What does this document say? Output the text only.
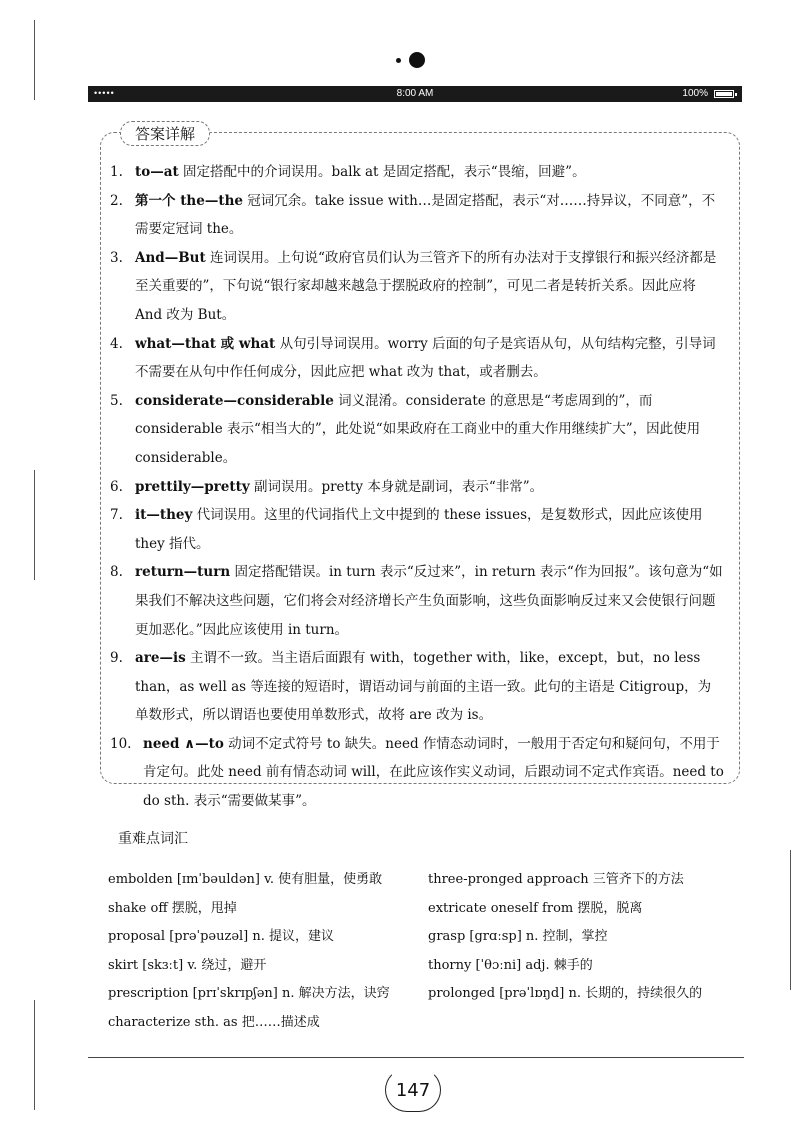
•••••	8:00 AM	100%
答案详解
1. to—at 固定搭配中的介词误用。balk at 是固定搭配，表示“畏缩，回避”。
2. 第一个 the—the 冠词冗余。take issue with…是固定搭配，表示“对……持异议，不同意”，不需要定冠词 the。
3. And—But 连词误用。上句说“政府官员们认为三管齐下的所有办法对于支撑银行和振兴经济都是至关重要的”，下句说“银行家却越来越急于摆脱政府的控制”，可见二者是转折关系。因此应将 And 改为 But。
4. what—that 或 what 从句引导词误用。worry 后面的句子是宾语从句，从句结构完整，引导词不需要在从句中作任何成分，因此应把 what 改为 that，或者删去。
5. considerate—considerable 词义混淆。considerate 的意思是“考虑周到的”，而 considerable 表示“相当大的”，此处说“如果政府在工商业中的重大作用继续扩大”，因此使用 considerable。
6. prettily—pretty 副词误用。pretty 本身就是副词，表示“非常”。
7. it—they 代词误用。这里的代词指代上文中提到的 these issues，是复数形式，因此应该使用 they 指代。
8. return—turn 固定搭配错误。in turn 表示“反过来”，in return 表示“作为回报”。该句意为“如果我们不解决这些问题，它们将会对经济增长产生负面影响，这些负面影响反过来又会使银行问题更加恶化。”因此应该使用 in turn。
9. are—is 主谓不一致。当主语后面跟有 with，together with，like，except，but，no less than，as well as 等连接的短语时，谓语动词与前面的主语一致。此句的主语是 Citigroup，为单数形式，所以谓语也要使用单数形式，故将 are 改为 is。
10. need ∧—to 动词不定式符号 to 缺失。need 作情态动词时，一般用于否定句和疑问句，不用于肯定句。此处 need 前有情态动词 will，在此应该作实义动词，后跟动词不定式作宾语。need to do sth. 表示“需要做某事”。
重难点词汇
embolden [ɪmˈbəuldən] v. 使有胆量，使勇敢
shake off 摆脱，甩掉
proposal [prəˈpəuzəl] n. 提议，建议
skirt [skɜːt] v. 绕过，避开
prescription [prɪˈskrɪpʃən] n. 解决方法，诀窍
characterize sth. as 把……描述成
three-pronged approach 三管齐下的方法
extricate oneself from 摆脱，脱离
grasp [grɑːsp] n. 控制，掌控
thorny [ˈθɔːni] adj. 棘手的
prolonged [prəˈlɒŋd] n. 长期的，持续很久的
147
